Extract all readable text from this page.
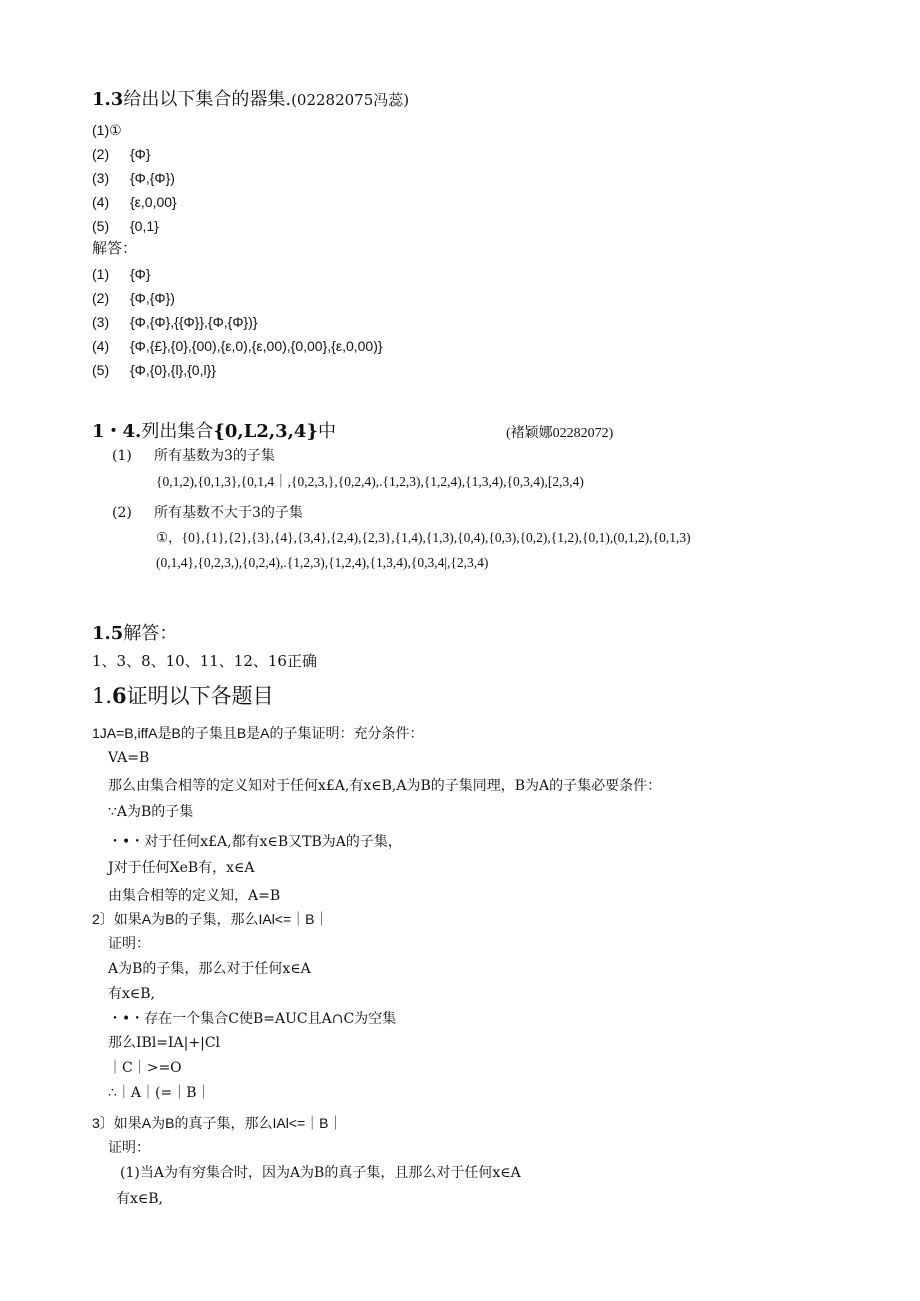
1.3给出以下集合的器集.(02282075冯蕊)
(1)①
(2) {Φ}
(3) {Φ,{Φ})
(4) {ε,0,00}
(5) {0,1}
解答：
(1) {Φ}
(2) {Φ,{Φ})
(3) {Φ,{Φ},{{Φ}},{Φ,{Φ})}
(4) {Φ,{£},{0},{00),{ε,0),{ε,00),{0,00},{ε,0,00)}
(5) {Φ,{0},{l},{0,l}}
1・4.列出集合{0,L2,3,4}中	(褚颖娜02282072)
(1) 所有基数为3的子集
{0,1,2),{0,1,3},{0,1,4｜,{0,2,3,},{0,2,4),.{1,2,3),{1,2,4),{1,3,4),{0,3,4),[2,3,4)
(2) 所有基数不大于3的子集
①，{0},{1},{2},{3},{4},{3,4},{2,4),{2,3},{1,4),{1,3),{0,4),{0,3),{0,2),{1,2),{0,1),(0,1,2),{0,1,3)
(0,1,4},{0,2,3,),{0,2,4),.{1,2,3),{1,2,4),{1,3,4),{0,3,4|,{2,3,4)
1.5解答：
1、3、8、10、11、12、16正确
1.6证明以下各题目
1JA=B,iffA是B的子集且B是A的子集证明：充分条件：
VA=B
那么由集合相等的定义知对于任何x£A,有x∈B,A为B的子集同理，B为A的子集必要条件：
∵A为B的子集
・•・对于任何x£A,都有x∈B又TB为A的子集，
J对于任何XeB有，x∈A
由集合相等的定义知，A=B
2〕如果A为B的子集，那么IAl<=｜B｜
证明：
A为B的子集，那么对于任何x∈A
有x∈B,
・•・存在一个集合C使B=AUC且A∩C为空集
那么IBl=IA|+|Cl
｜C｜>=O
∴｜A｜(=｜B｜
3〕如果A为B的真子集，那么IAl<=｜B｜
证明：
(1)当A为有穷集合时，因为A为B的真子集，且那么对于任何x∈A
有x∈B,
